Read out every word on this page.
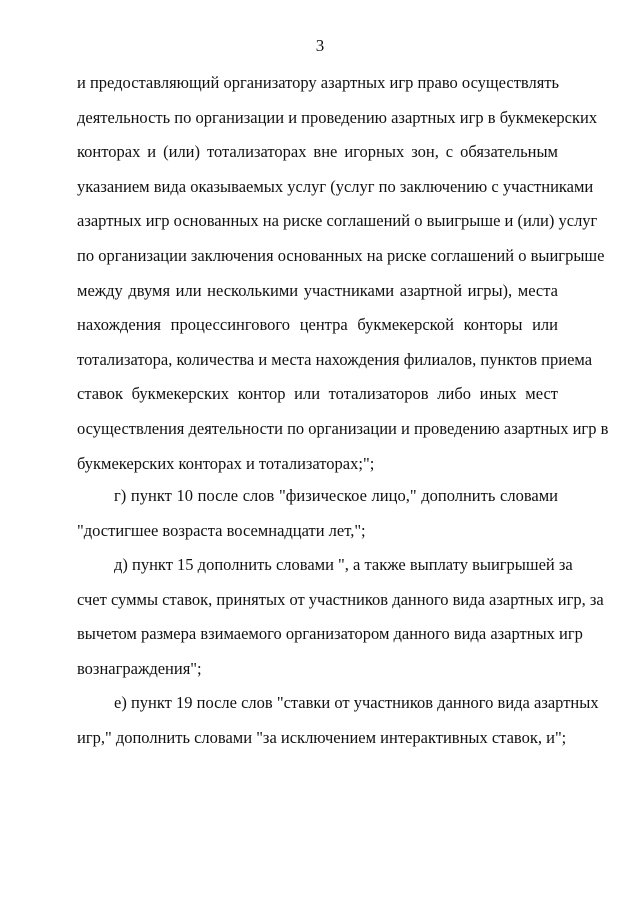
3
и предоставляющий организатору азартных игр право осуществлять
деятельность по организации и проведению азартных игр в букмекерских
конторах и (или) тотализаторах вне игорных зон, с обязательным
указанием вида оказываемых услуг (услуг по заключению с участниками
азартных игр основанных на риске соглашений о выигрыше и (или) услуг
по организации заключения основанных на риске соглашений о выигрыше
между двумя или несколькими участниками азартной игры), места
нахождения процессингового центра букмекерской конторы или
тотализатора, количества и места нахождения филиалов, пунктов приема
ставок букмекерских контор или тотализаторов либо иных мест
осуществления деятельности по организации и проведению азартных игр в
букмекерских конторах и тотализаторах;";
г) пункт 10 после слов "физическое лицо," дополнить словами
"достигшее возраста восемнадцати лет,";
д) пункт 15 дополнить словами ", а также выплату выигрышей за
счет суммы ставок, принятых от участников данного вида азартных игр, за
вычетом размера взимаемого организатором данного вида азартных игр
вознаграждения";
е) пункт 19 после слов "ставки от участников данного вида азартных
игр," дополнить словами "за исключением интерактивных ставок, и";
